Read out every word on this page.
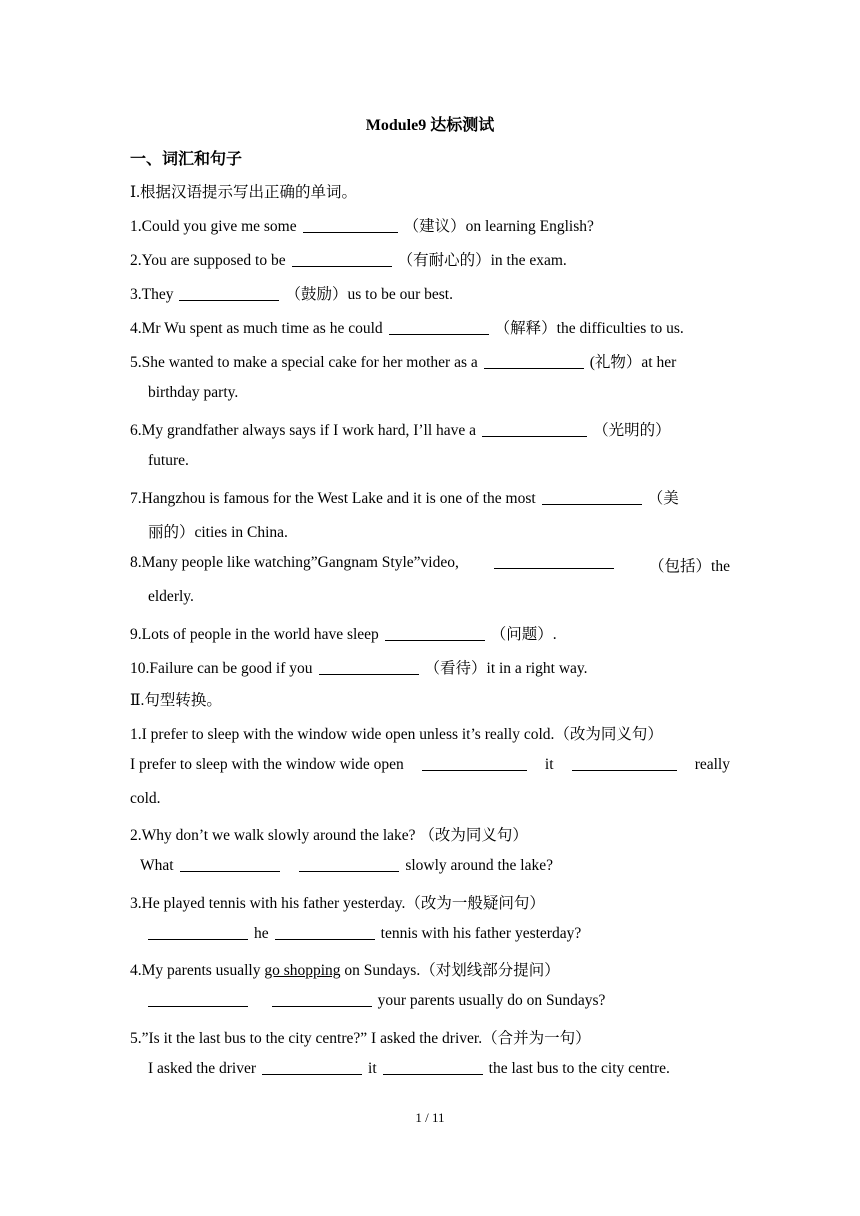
Module9 达标测试
一、词汇和句子
Ⅰ.根据汉语提示写出正确的单词。
1.Could you give me some	（建议）on learning English?
2.You are supposed to be	（有耐心的）in the exam.
3.They	（鼓励）us to be our best.
4.Mr Wu spent as much time as he could	（解释）the difficulties to us.
5.She wanted to make a special cake for her mother as a	(礼物）at her
birthday party.
6.My grandfather always says if I work hard, I’ll have a	（光明的）
future.
7.Hangzhou is famous for the West Lake and it is one of the most	（美
丽的）cities in China.
8.Many people like watching”Gangnam Style”video,	（包括）the
elderly.
9.Lots of people in the world have sleep	（问题）.
10.Failure can be good if you	（看待）it in a right way.
Ⅱ.句型转换。
1.I prefer to sleep with the window wide open unless it’s really cold.（改为同义句）
I prefer to sleep with the window wide open	it	really
cold.
2.Why don’t we walk slowly around the lake? （改为同义句）
What	slowly around the lake?
3.He played tennis with his father yesterday.（改为一般疑问句）
he	tennis with his father yesterday?
4.My parents usually go shopping on Sundays.（对划线部分提问）
your parents usually do on Sundays?
5.”Is it the last bus to the city centre?” I asked the driver.（合并为一句）
I asked the driver	it	the last bus to the city centre.
1 / 11
